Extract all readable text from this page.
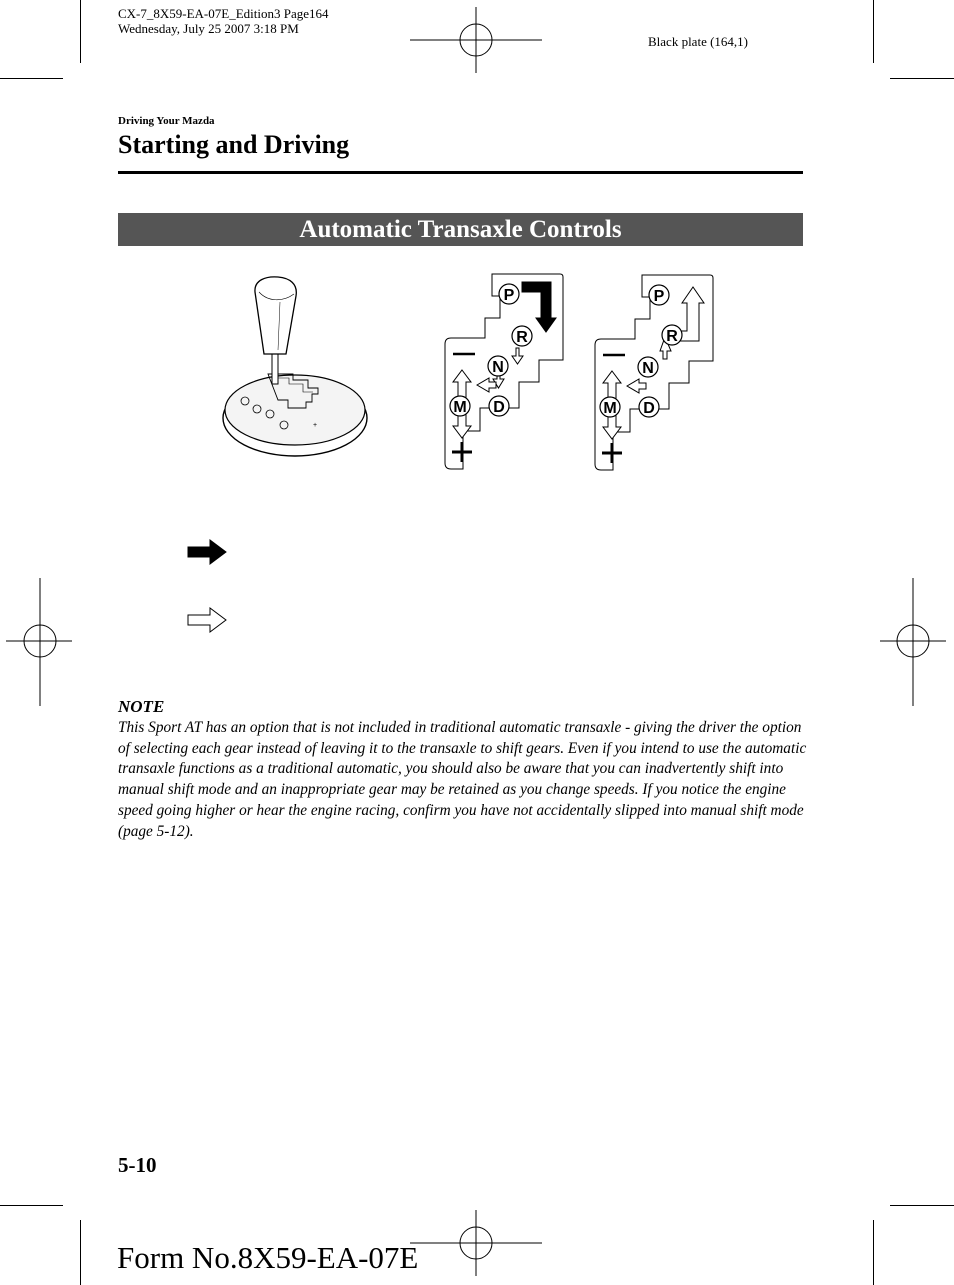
CX-7_8X59-EA-07E_Edition3 Page164
Wednesday, July 25 2007 3:18 PM
Black plate (164,1)
Driving Your Mazda
Starting and Driving
Automatic Transaxle Controls
+
P
R
N
D
M
P
R
N
D
M
NOTE
This Sport AT has an option that is not included in traditional automatic transaxle - giving the driver the option of selecting each gear instead of leaving it to the transaxle to shift gears. Even if you intend to use the automatic transaxle functions as a traditional automatic, you should also be aware that you can inadvertently shift into manual shift mode and an inappropriate gear may be retained as you change speeds. If you notice the engine speed going higher or hear the engine racing, confirm you have not accidentally slipped into manual shift mode (page 5-12).
5-10
Form No.8X59-EA-07E
